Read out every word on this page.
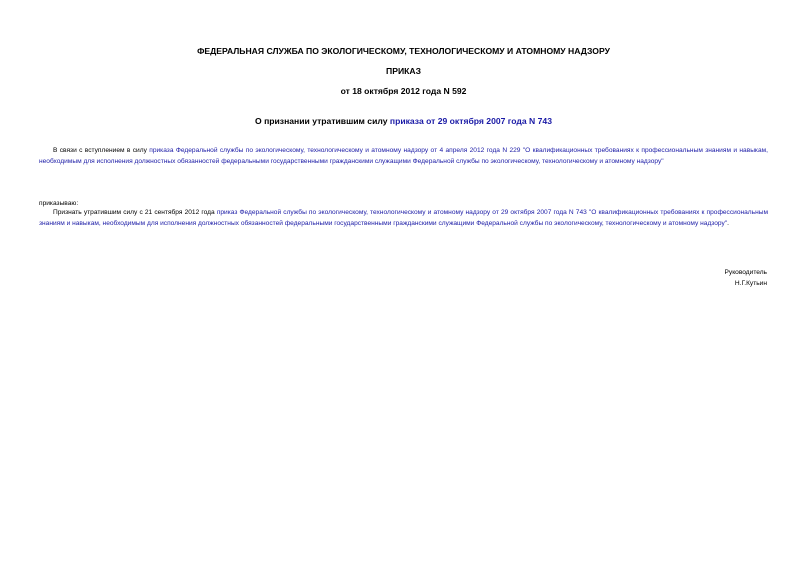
ФЕДЕРАЛЬНАЯ СЛУЖБА ПО ЭКОЛОГИЧЕСКОМУ, ТЕХНОЛОГИЧЕСКОМУ И АТОМНОМУ НАДЗОРУ
ПРИКАЗ
от 18 октября 2012 года N 592
О признании утратившим силу приказа от 29 октября 2007 года N 743

В связи с вступлением в силу приказа Федеральной службы по экологическому, технологическому и атомному надзору от 4 апреля 2012 года N 229 "О квалификационных требованиях к профессиональным знаниям и навыкам, необходимым для исполнения должностных обязанностей федеральными государственными гражданскими служащими Федеральной службы по экологическому, технологическому и атомному надзору"

приказываю:

Признать утратившим силу с 21 сентября 2012 года приказ Федеральной службы по экологическому, технологическому и атомному надзору от 29 октября 2007 года N 743 "О квалификационных требованиях к профессиональным знаниям и навыкам, необходимым для исполнения должностных обязанностей федеральными государственными гражданскими служащими Федеральной службы по экологическому, технологическому и атомному надзору".

Руководитель
Н.Г.Кутьин
